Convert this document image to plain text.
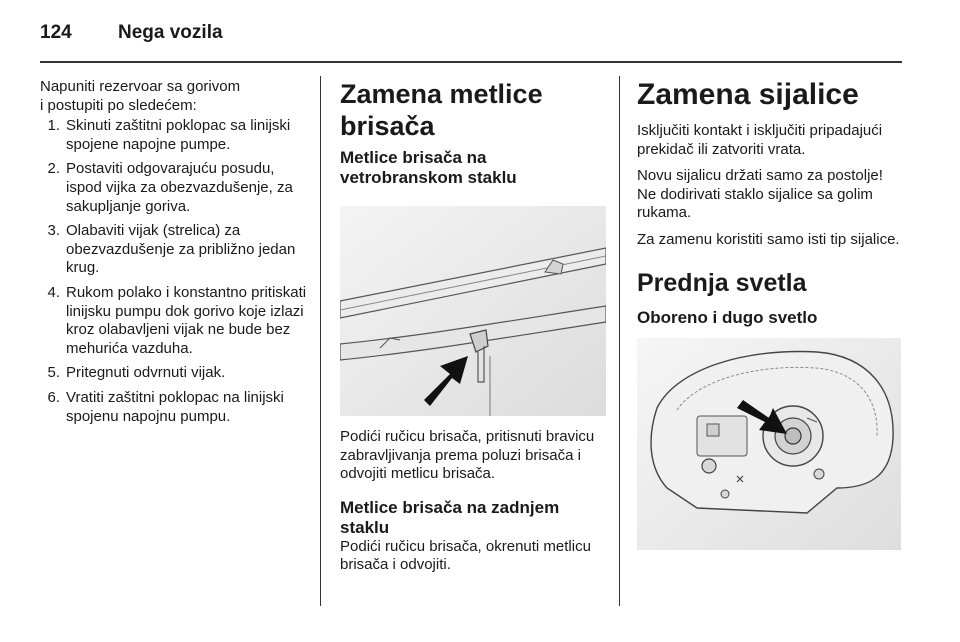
124 Nega vozila

Napuniti rezervoar sa gorivom
i postupiti po sledećem:

1. Skinuti zaštitni poklopac sa linijski spojene napojne pumpe.
2. Postaviti odgovarajuću posudu, ispod vijka za obezvazdušenje, za sakupljanje goriva.
3. Olabaviti vijak (strelica) za obezvazdušenje za približno jedan krug.
4. Rukom polako i konstantno pritiskati linijsku pumpu dok gorivo koje izlazi kroz olabavljeni vijak ne bude bez mehurića vazduha.
5. Pritegnuti odvrnuti vijak.
6. Vratiti zaštitni poklopac na linijski spojenu napojnu pumpu.
Zamena metlice brisača
Metlice brisača na vetrobranskom staklu

Podići ručicu brisača, pritisnuti bravicu zabravljivanja prema poluzi brisača i odvojiti metlicu brisača.

Metlice brisača na zadnjem staklu

Podići ručicu brisača, okrenuti metlicu brisača i odvojiti.

Zamena sijalice

Isključiti kontakt i isključiti pripadajući prekidač ili zatvoriti vrata.

Novu sijalicu držati samo za postolje! Ne dodirivati staklo sijalice sa golim rukama.

Za zamenu koristiti samo isti tip sijalice.

Prednja svetla
Oboreno i dugo svetlo
